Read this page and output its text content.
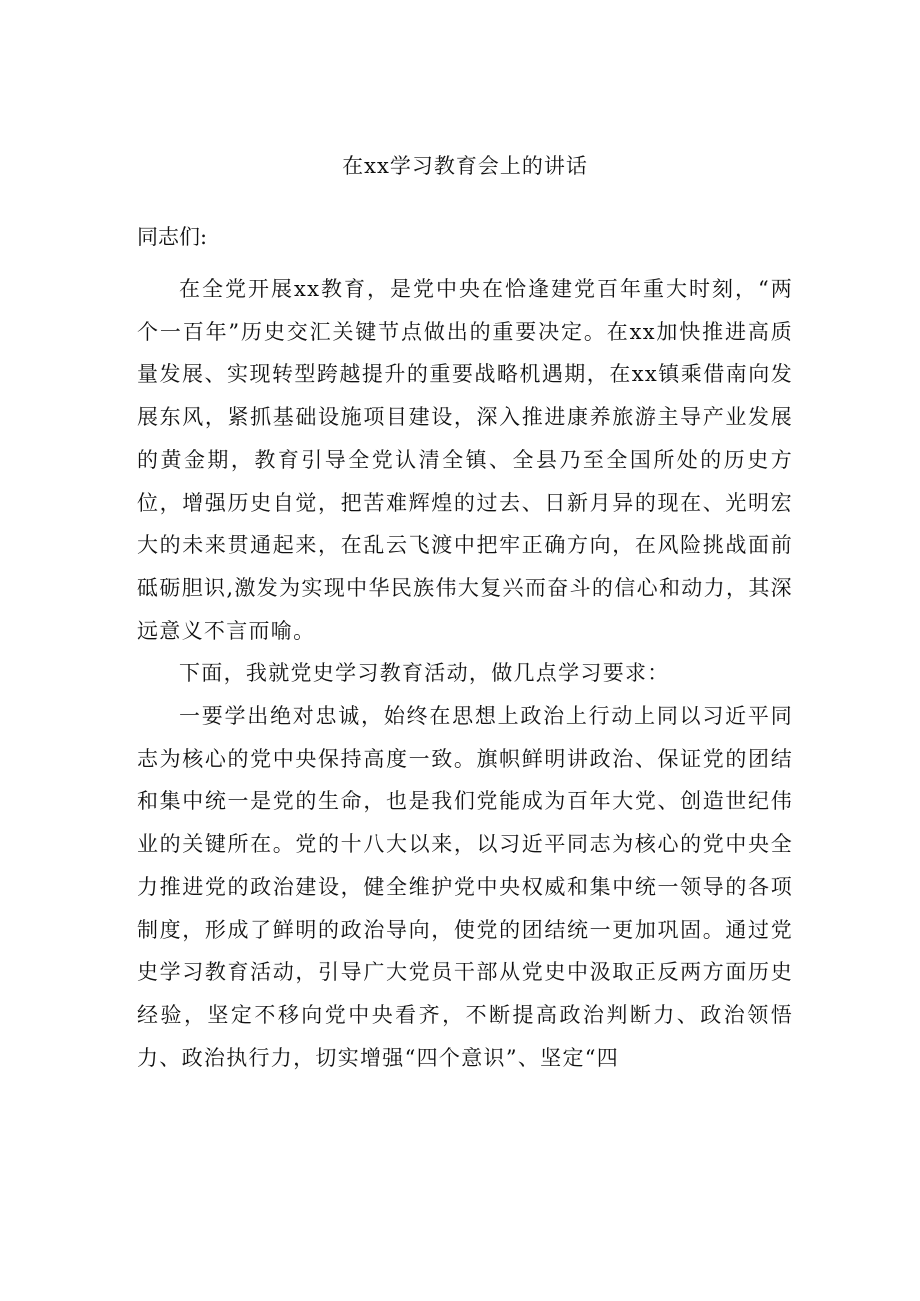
在xx学习教育会上的讲话

同志们:

在全党开展xx教育，是党中央在恰逢建党百年重大时刻，“两个一百年”历史交汇关键节点做出的重要决定。在xx加快推进高质量发展、实现转型跨越提升的重要战略机遇期，在xx镇乘借南向发展东风，紧抓基础设施项目建设，深入推进康养旅游主导产业发展的黄金期，教育引导全党认清全镇、全县乃至全国所处的历史方位，增强历史自觉，把苦难辉煌的过去、日新月异的现在、光明宏大的未来贯通起来，在乱云飞渡中把牢正确方向，在风险挑战面前砥砺胆识,激发为实现中华民族伟大复兴而奋斗的信心和动力，其深远意义不言而喻。

下面，我就党史学习教育活动，做几点学习要求：

一要学出绝对忠诚，始终在思想上政治上行动上同以习近平同志为核心的党中央保持高度一致。旗帜鲜明讲政治、保证党的团结和集中统一是党的生命，也是我们党能成为百年大党、创造世纪伟业的关键所在。党的十八大以来，以习近平同志为核心的党中央全力推进党的政治建设，健全维护党中央权威和集中统一领导的各项制度，形成了鲜明的政治导向，使党的团结统一更加巩固。通过党史学习教育活动，引导广大党员干部从党史中汲取正反两方面历史经验，坚定不移向党中央看齐，不断提高政治判断力、政治领悟力、政治执行力，切实增强“四个意识”、坚定“四
